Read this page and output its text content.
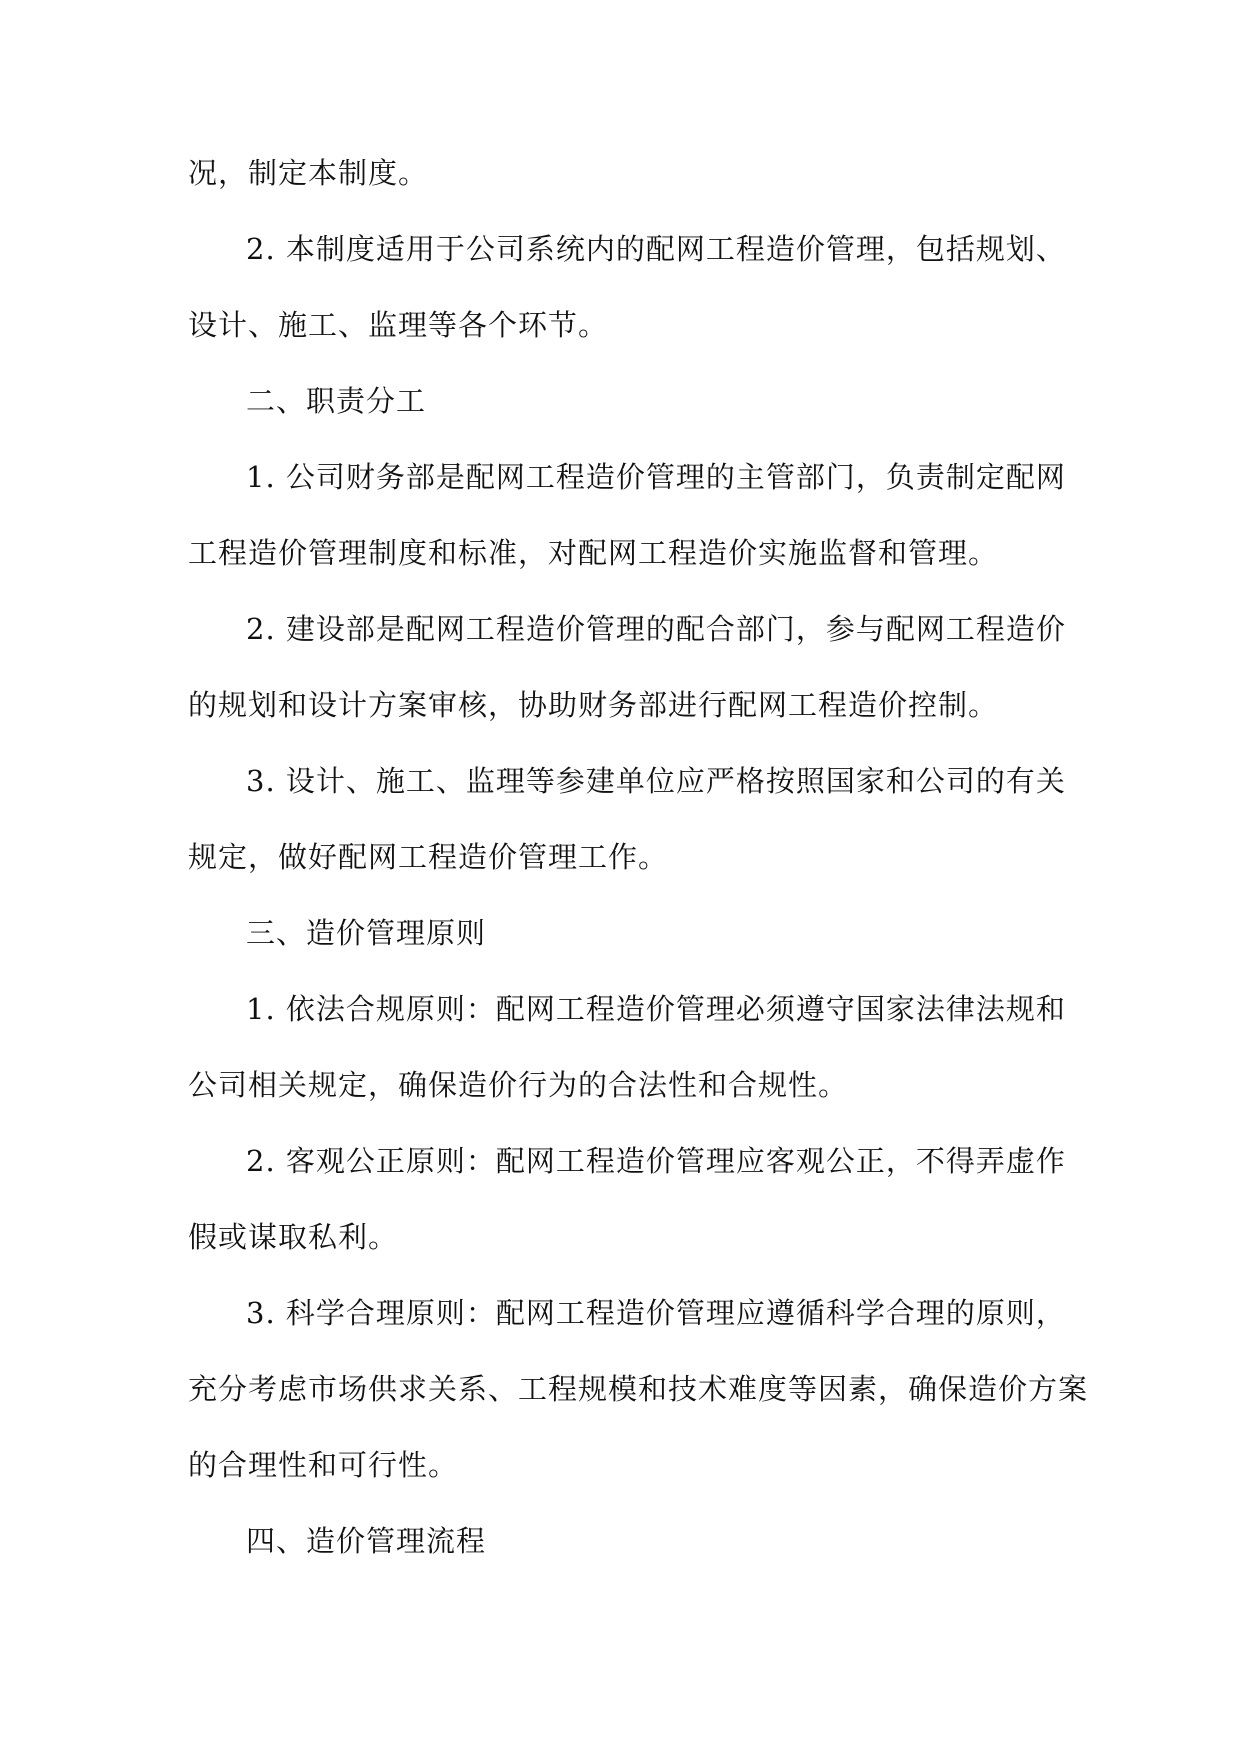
况，制定本制度。
2. 本制度适用于公司系统内的配网工程造价管理，包括规划、
设计、施工、监理等各个环节。
二、职责分工
1. 公司财务部是配网工程造价管理的主管部门，负责制定配网
工程造价管理制度和标准，对配网工程造价实施监督和管理。
2. 建设部是配网工程造价管理的配合部门，参与配网工程造价
的规划和设计方案审核，协助财务部进行配网工程造价控制。
3. 设计、施工、监理等参建单位应严格按照国家和公司的有关
规定，做好配网工程造价管理工作。
三、造价管理原则
1. 依法合规原则：配网工程造价管理必须遵守国家法律法规和
公司相关规定，确保造价行为的合法性和合规性。
2. 客观公正原则：配网工程造价管理应客观公正，不得弄虚作
假或谋取私利。
3. 科学合理原则：配网工程造价管理应遵循科学合理的原则，
充分考虑市场供求关系、工程规模和技术难度等因素，确保造价方案
的合理性和可行性。
四、造价管理流程
